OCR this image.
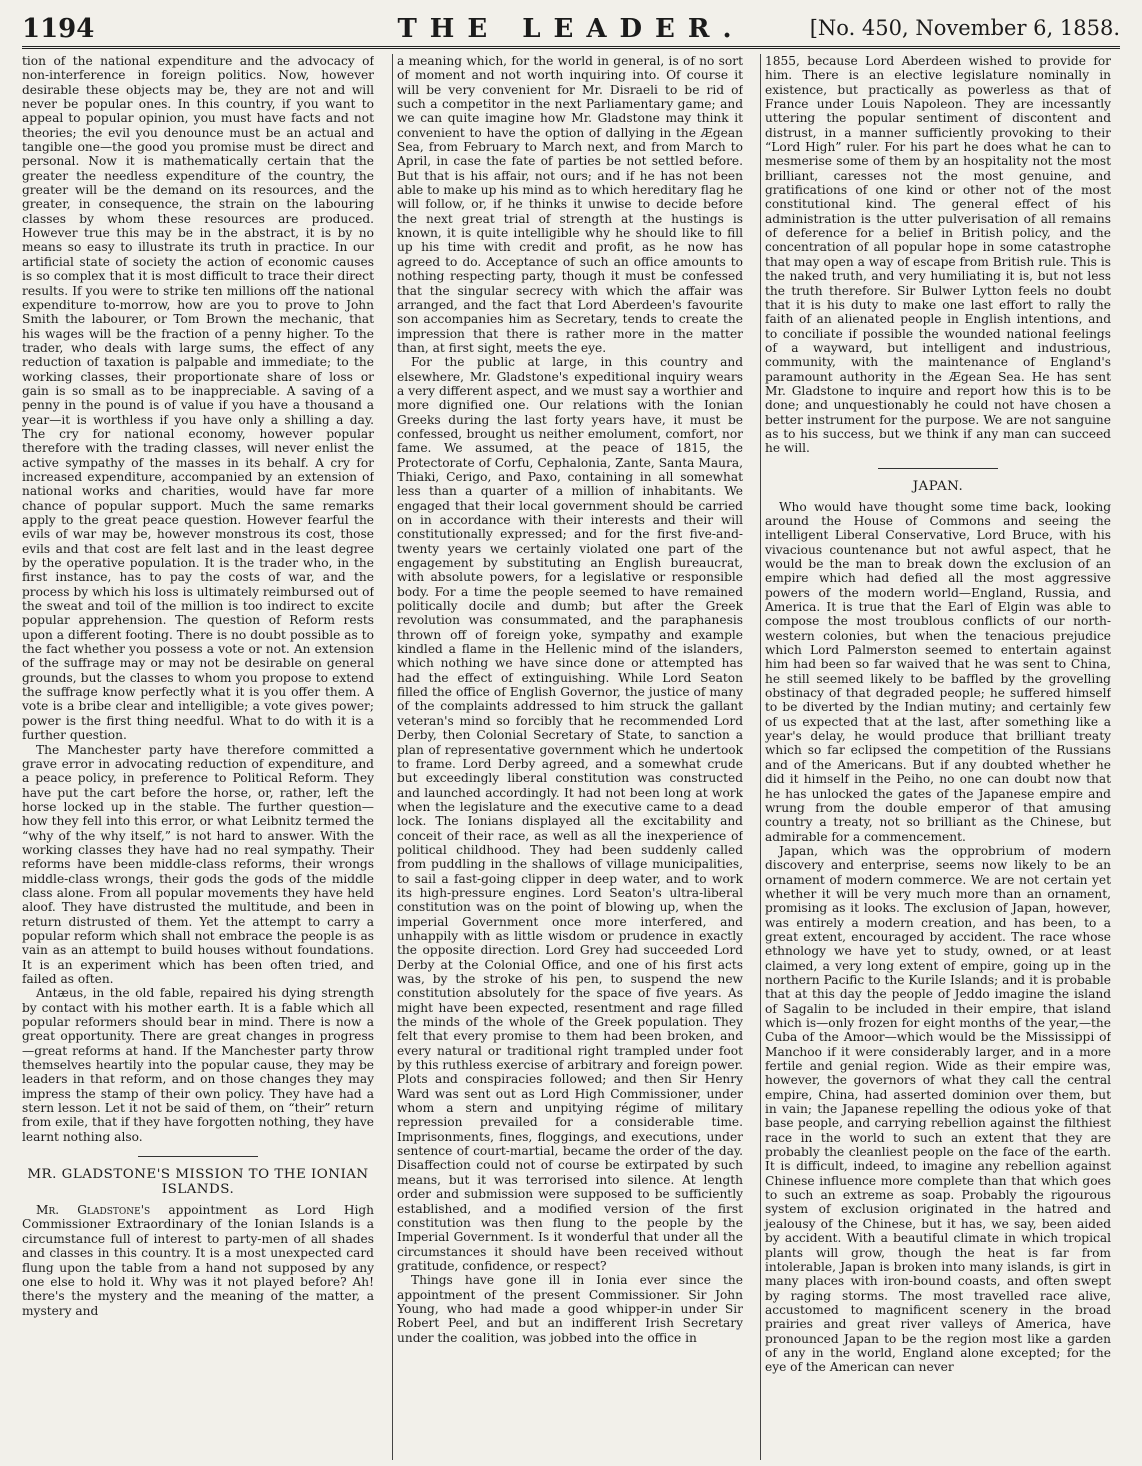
1194	THE LEADER.	[No. 450, November 6, 1858.

tion of the national expenditure and the advocacy of non-interference in foreign politics. Now, however desirable these objects may be, they are not and will never be popular ones. In this country, if you want to appeal to popular opinion, you must have facts and not theories; the evil you denounce must be an actual and tangible one—the good you promise must be direct and personal. Now it is mathematically certain that the greater the needless expenditure of the country, the greater will be the demand on its resources, and the greater, in consequence, the strain on the labouring classes by whom these resources are produced. However true this may be in the abstract, it is by no means so easy to illustrate its truth in practice. In our artificial state of society the action of economic causes is so complex that it is most difficult to trace their direct results. If you were to strike ten millions off the national expenditure to-morrow, how are you to prove to John Smith the labourer, or Tom Brown the mechanic, that his wages will be the fraction of a penny higher. To the trader, who deals with large sums, the effect of any reduction of taxation is palpable and immediate; to the working classes, their proportionate share of loss or gain is so small as to be inappreciable. A saving of a penny in the pound is of value if you have a thousand a year—it is worthless if you have only a shilling a day. The cry for national economy, however popular therefore with the trading classes, will never enlist the active sympathy of the masses in its behalf. A cry for increased expenditure, accompanied by an extension of national works and charities, would have far more chance of popular support. Much the same remarks apply to the great peace question. However fearful the evils of war may be, however monstrous its cost, those evils and that cost are felt last and in the least degree by the operative population. It is the trader who, in the first instance, has to pay the costs of war, and the process by which his loss is ultimately reimbursed out of the sweat and toil of the million is too indirect to excite popular apprehension. The question of Reform rests upon a different footing. There is no doubt possible as to the fact whether you possess a vote or not. An extension of the suffrage may or may not be desirable on general grounds, but the classes to whom you propose to extend the suffrage know perfectly what it is you offer them. A vote is a bribe clear and intelligible; a vote gives power; power is the first thing needful. What to do with it is a further question.

The Manchester party have therefore committed a grave error in advocating reduction of expenditure, and a peace policy, in preference to Political Reform. They have put the cart before the horse, or, rather, left the horse locked up in the stable. The further question—how they fell into this error, or what Leibnitz termed the “why of the why itself,” is not hard to answer. With the working classes they have had no real sympathy. Their reforms have been middle-class reforms, their wrongs middle-class wrongs, their gods the gods of the middle class alone. From all popular movements they have held aloof. They have distrusted the multitude, and been in return distrusted of them. Yet the attempt to carry a popular reform which shall not embrace the people is as vain as an attempt to build houses without foundations. It is an experiment which has been often tried, and failed as often.

Antæus, in the old fable, repaired his dying strength by contact with his mother earth. It is a fable which all popular reformers should bear in mind. There is now a great opportunity. There are great changes in progress—great reforms at hand. If the Manchester party throw themselves heartily into the popular cause, they may be leaders in that reform, and on those changes they may impress the stamp of their own policy. They have had a stern lesson. Let it not be said of them, on “their” return from exile, that if they have forgotten nothing, they have learnt nothing also.

MR. GLADSTONE'S MISSION TO THE IONIAN ISLANDS.

Mr. Gladstone's appointment as Lord High Commissioner Extraordinary of the Ionian Islands is a circumstance full of interest to party-men of all shades and classes in this country. It is a most unexpected card flung upon the table from a hand not supposed by any one else to hold it. Why was it not played before? Ah! there's the mystery and the meaning of the matter, a mystery and

a meaning which, for the world in general, is of no sort of moment and not worth inquiring into. Of course it will be very convenient for Mr. Disraeli to be rid of such a competitor in the next Parliamentary game; and we can quite imagine how Mr. Gladstone may think it convenient to have the option of dallying in the Ægean Sea, from February to March next, and from March to April, in case the fate of parties be not settled before. But that is his affair, not ours; and if he has not been able to make up his mind as to which hereditary flag he will follow, or, if he thinks it unwise to decide before the next great trial of strength at the hustings is known, it is quite intelligible why he should like to fill up his time with credit and profit, as he now has agreed to do. Acceptance of such an office amounts to nothing respecting party, though it must be confessed that the singular secrecy with which the affair was arranged, and the fact that Lord Aberdeen's favourite son accompanies him as Secretary, tends to create the impression that there is rather more in the matter than, at first sight, meets the eye.

For the public at large, in this country and elsewhere, Mr. Gladstone's expeditional inquiry wears a very different aspect, and we must say a worthier and more dignified one. Our relations with the Ionian Greeks during the last forty years have, it must be confessed, brought us neither emolument, comfort, nor fame. We assumed, at the peace of 1815, the Protectorate of Corfu, Cephalonia, Zante, Santa Maura, Thiaki, Cerigo, and Paxo, containing in all somewhat less than a quarter of a million of inhabitants. We engaged that their local government should be carried on in accordance with their interests and their will constitutionally expressed; and for the first five-and-twenty years we certainly violated one part of the engagement by substituting an English bureaucrat, with absolute powers, for a legislative or responsible body. For a time the people seemed to have remained politically docile and dumb; but after the Greek revolution was consummated, and the paraphanesis thrown off of foreign yoke, sympathy and example kindled a flame in the Hellenic mind of the islanders, which nothing we have since done or attempted has had the effect of extinguishing. While Lord Seaton filled the office of English Governor, the justice of many of the complaints addressed to him struck the gallant veteran's mind so forcibly that he recommended Lord Derby, then Colonial Secretary of State, to sanction a plan of representative government which he undertook to frame. Lord Derby agreed, and a somewhat crude but exceedingly liberal constitution was constructed and launched accordingly. It had not been long at work when the legislature and the executive came to a dead lock. The Ionians displayed all the excitability and conceit of their race, as well as all the inexperience of political childhood. They had been suddenly called from puddling in the shallows of village municipalities, to sail a fast-going clipper in deep water, and to work its high-pressure engines. Lord Seaton's ultra-liberal constitution was on the point of blowing up, when the imperial Government once more interfered, and unhappily with as little wisdom or prudence in exactly the opposite direction. Lord Grey had succeeded Lord Derby at the Colonial Office, and one of his first acts was, by the stroke of his pen, to suspend the new constitution absolutely for the space of five years. As might have been expected, resentment and rage filled the minds of the whole of the Greek population. They felt that every promise to them had been broken, and every natural or traditional right trampled under foot by this ruthless exercise of arbitrary and foreign power. Plots and conspiracies followed; and then Sir Henry Ward was sent out as Lord High Commissioner, under whom a stern and unpitying régime of military repression prevailed for a considerable time. Imprisonments, fines, floggings, and executions, under sentence of court-martial, became the order of the day. Disaffection could not of course be extirpated by such means, but it was terrorised into silence. At length order and submission were supposed to be sufficiently established, and a modified version of the first constitution was then flung to the people by the Imperial Government. Is it wonderful that under all the circumstances it should have been received without gratitude, confidence, or respect?

Things have gone ill in Ionia ever since the appointment of the present Commissioner. Sir John Young, who had made a good whipper-in under Sir Robert Peel, and but an indifferent Irish Secretary under the coalition, was jobbed into the office in

1855, because Lord Aberdeen wished to provide for him. There is an elective legislature nominally in existence, but practically as powerless as that of France under Louis Napoleon. They are incessantly uttering the popular sentiment of discontent and distrust, in a manner sufficiently provoking to their “Lord High” ruler. For his part he does what he can to mesmerise some of them by an hospitality not the most brilliant, caresses not the most genuine, and gratifications of one kind or other not of the most constitutional kind. The general effect of his administration is the utter pulverisation of all remains of deference for a belief in British policy, and the concentration of all popular hope in some catastrophe that may open a way of escape from British rule. This is the naked truth, and very humiliating it is, but not less the truth therefore. Sir Bulwer Lytton feels no doubt that it is his duty to make one last effort to rally the faith of an alienated people in English intentions, and to conciliate if possible the wounded national feelings of a wayward, but intelligent and industrious, community, with the maintenance of England's paramount authority in the Ægean Sea. He has sent Mr. Gladstone to inquire and report how this is to be done; and unquestionably he could not have chosen a better instrument for the purpose. We are not sanguine as to his success, but we think if any man can succeed he will.

JAPAN.

Who would have thought some time back, looking around the House of Commons and seeing the intelligent Liberal Conservative, Lord Bruce, with his vivacious countenance but not awful aspect, that he would be the man to break down the exclusion of an empire which had defied all the most aggressive powers of the modern world—England, Russia, and America. It is true that the Earl of Elgin was able to compose the most troublous conflicts of our north-western colonies, but when the tenacious prejudice which Lord Palmerston seemed to entertain against him had been so far waived that he was sent to China, he still seemed likely to be baffled by the grovelling obstinacy of that degraded people; he suffered himself to be diverted by the Indian mutiny; and certainly few of us expected that at the last, after something like a year's delay, he would produce that brilliant treaty which so far eclipsed the competition of the Russians and of the Americans. But if any doubted whether he did it himself in the Peiho, no one can doubt now that he has unlocked the gates of the Japanese empire and wrung from the double emperor of that amusing country a treaty, not so brilliant as the Chinese, but admirable for a commencement.

Japan, which was the opprobrium of modern discovery and enterprise, seems now likely to be an ornament of modern commerce. We are not certain yet whether it will be very much more than an ornament, promising as it looks. The exclusion of Japan, however, was entirely a modern creation, and has been, to a great extent, encouraged by accident. The race whose ethnology we have yet to study, owned, or at least claimed, a very long extent of empire, going up in the northern Pacific to the Kurile Islands; and it is probable that at this day the people of Jeddo imagine the island of Sagalin to be included in their empire, that island which is—only frozen for eight months of the year,—the Cuba of the Amoor—which would be the Mississippi of Manchoo if it were considerably larger, and in a more fertile and genial region. Wide as their empire was, however, the governors of what they call the central empire, China, had asserted dominion over them, but in vain; the Japanese repelling the odious yoke of that base people, and carrying rebellion against the filthiest race in the world to such an extent that they are probably the cleanliest people on the face of the earth. It is difficult, indeed, to imagine any rebellion against Chinese influence more complete than that which goes to such an extreme as soap. Probably the rigourous system of exclusion originated in the hatred and jealousy of the Chinese, but it has, we say, been aided by accident. With a beautiful climate in which tropical plants will grow, though the heat is far from intolerable, Japan is broken into many islands, is girt in many places with iron-bound coasts, and often swept by raging storms. The most travelled race alive, accustomed to magnificent scenery in the broad prairies and great river valleys of America, have pronounced Japan to be the region most like a garden of any in the world, England alone excepted; for the eye of the American can never
